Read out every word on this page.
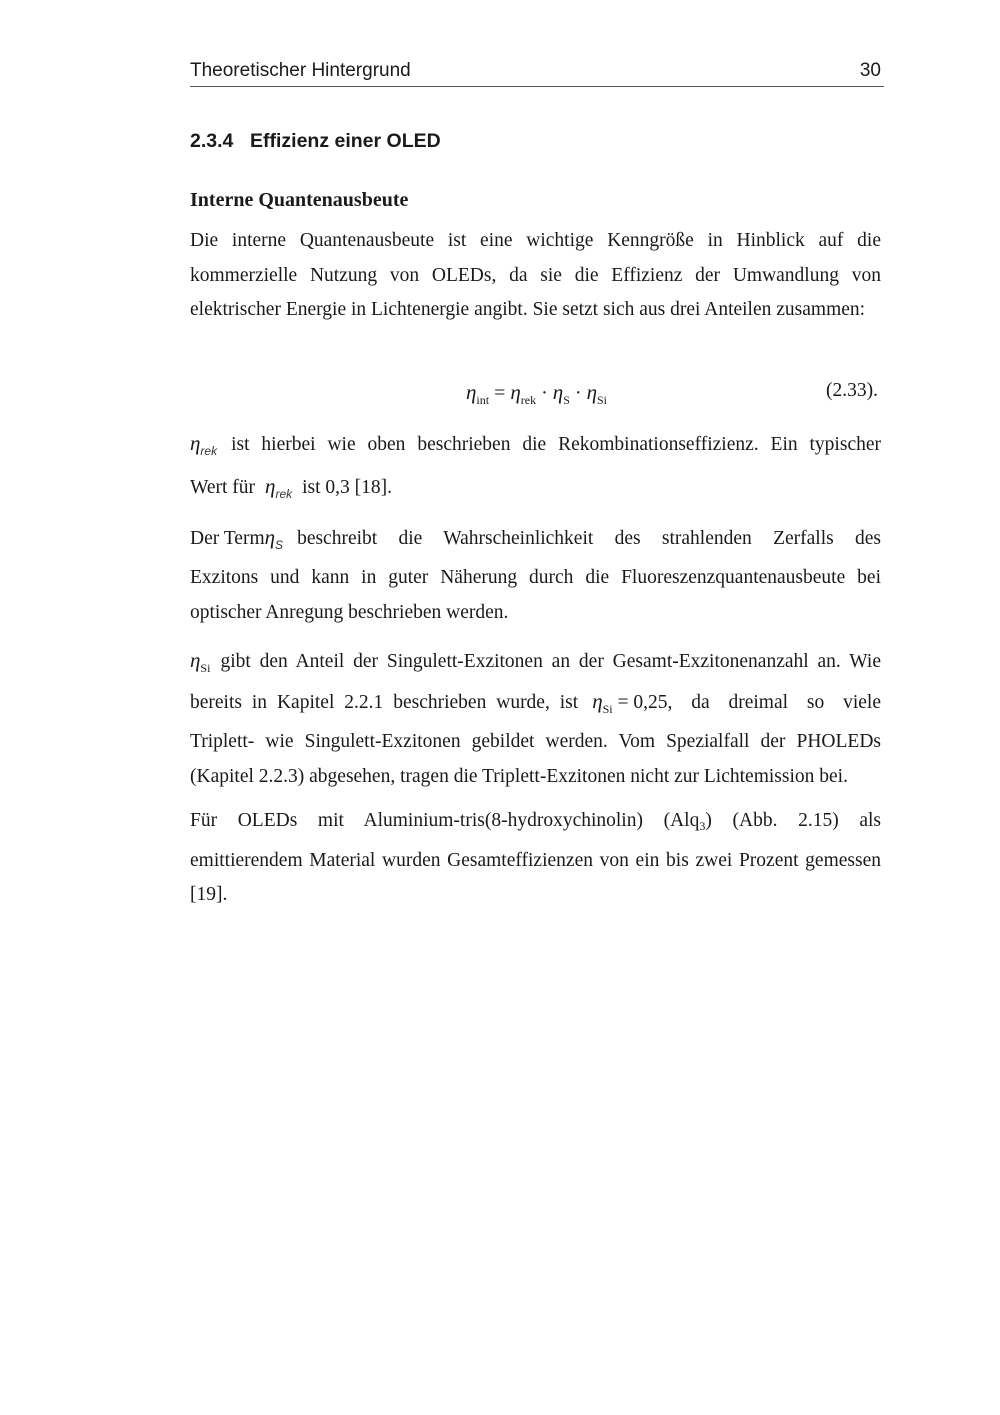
Theoretischer Hintergrund	30
2.3.4 Effizienz einer OLED
Interne Quantenausbeute
Die interne Quantenausbeute ist eine wichtige Kenngröße in Hinblick auf die kommerzielle Nutzung von OLEDs, da sie die Effizienz der Umwandlung von elektrischer Energie in Lichtenergie angibt. Sie setzt sich aus drei Anteilen zusammen:
$\eta_{int} = \eta_{rek} \cdot \eta_S \cdot \eta_{Si}$	(2.33).
$\eta_{rek}$ ist hierbei wie oben beschrieben die Rekombinationseffizienz. Ein typischer
Wert für $\eta_{rek}$ ist 0,3 [18].
Der Term $\eta_S$ beschreibt die Wahrscheinlichkeit des strahlenden Zerfalls des
Exzitons und kann in guter Näherung durch die Fluoreszenzquantenausbeute bei optischer Anregung beschrieben werden.
$\eta_{Si}$ gibt den Anteil der Singulett-Exzitonen an der Gesamt-Exzitonenanzahl an. Wie
bereits in Kapitel 2.2.1 beschrieben wurde, ist $\eta_{Si} = 0,25$ , da dreimal so viele
Triplett- wie Singulett-Exzitonen gebildet werden. Vom Spezialfall der PHOLEDs (Kapitel 2.2.3) abgesehen, tragen die Triplett-Exzitonen nicht zur Lichtemission bei.
Für OLEDs mit Aluminium-tris(8-hydroxychinolin) (Alq$_3$) (Abb. 2.15) als emittierendem Material wurden Gesamteffizienzen von ein bis zwei Prozent gemessen [19].
